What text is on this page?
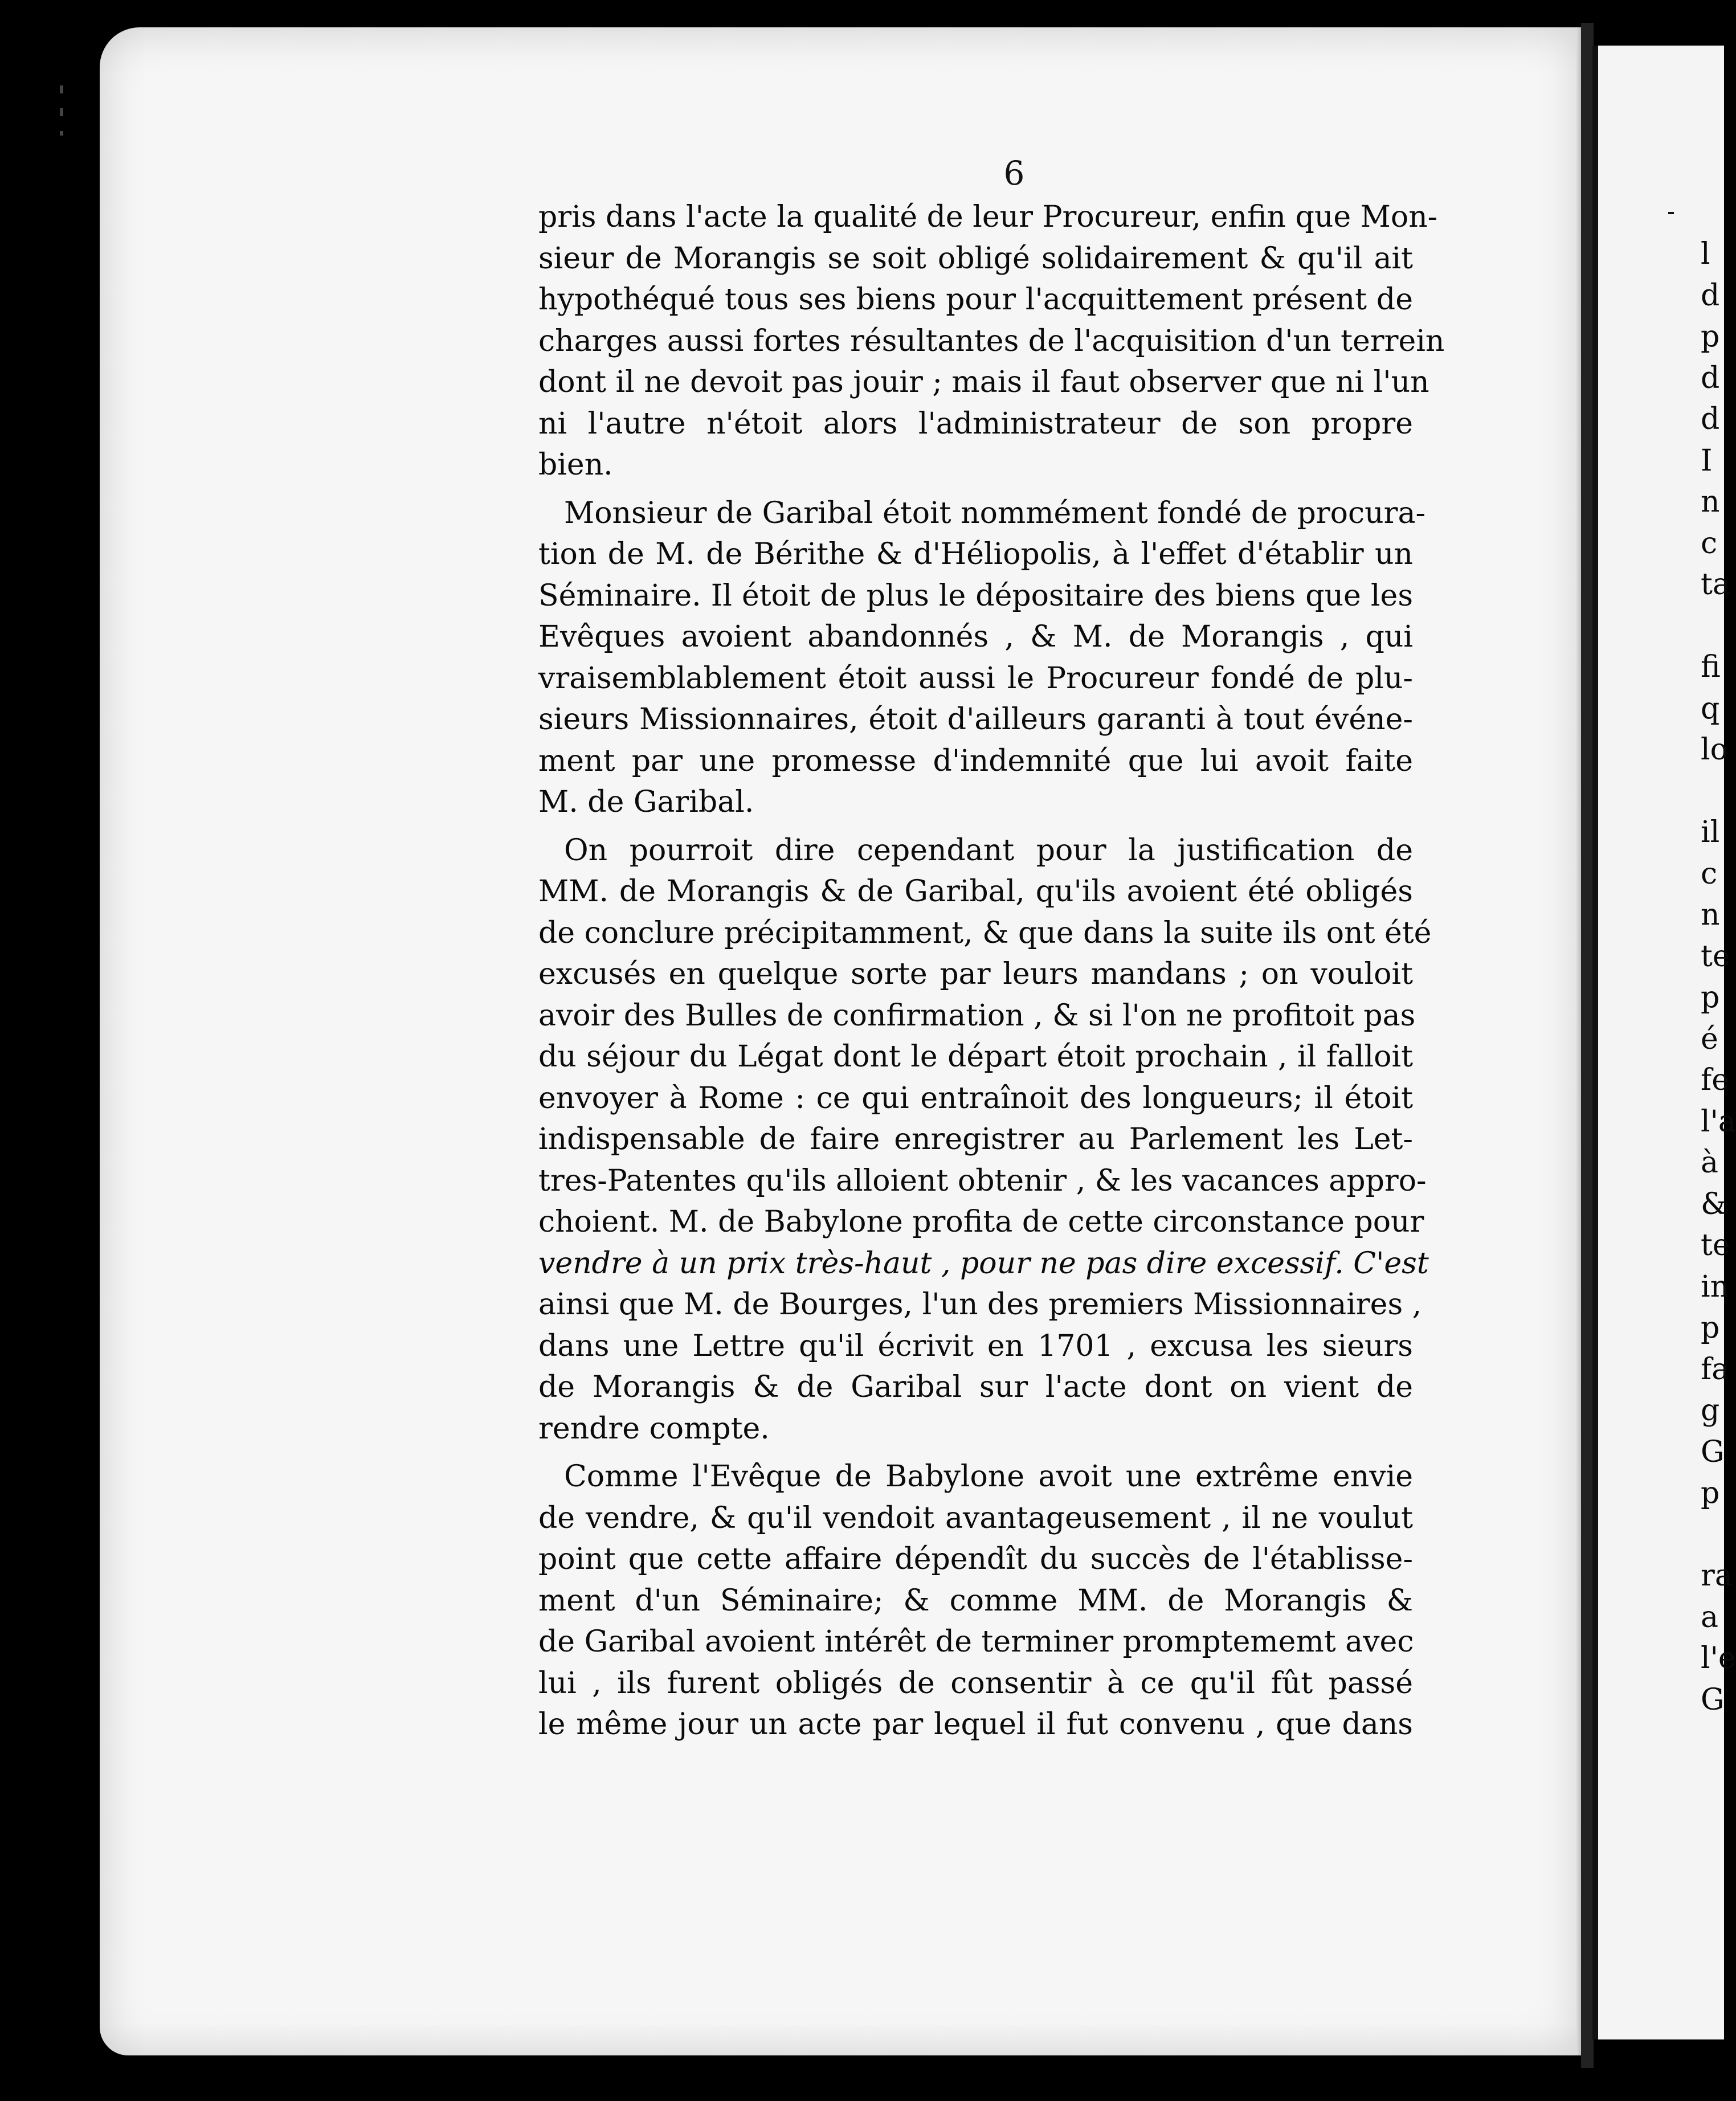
6

pris dans l'acte la qualité de leur Procureur, enfin que Mon-
sieur de Morangis se soit obligé solidairement & qu'il ait
hypothéqué tous ses biens pour l'acquittement présent de
charges aussi fortes résultantes de l'acquisition d'un terrein
dont il ne devoit pas jouir ; mais il faut observer que ni l'un
ni l'autre n'étoit alors l'administrateur de son propre
bien.

Monsieur de Garibal étoit nommément fondé de procura-
tion de M. de Bérithe & d'Héliopolis, à l'effet d'établir un
Séminaire. Il étoit de plus le dépositaire des biens que les
Evêques avoient abandonnés , & M. de Morangis , qui
vraisemblablement étoit aussi le Procureur fondé de plu-
sieurs Missionnaires, étoit d'ailleurs garanti à tout événe-
ment par une promesse d'indemnité que lui avoit faite
M. de Garibal.

On pourroit dire cependant pour la justification de
MM. de Morangis & de Garibal, qu'ils avoient été obligés
de conclure précipitamment, & que dans la suite ils ont été
excusés en quelque sorte par leurs mandans ; on vouloit
avoir des Bulles de confirmation , & si l'on ne profitoit pas
du séjour du Légat dont le départ étoit prochain , il falloit
envoyer à Rome : ce qui entraînoit des longueurs; il étoit
indispensable de faire enregistrer au Parlement les Let-
tres-Patentes qu'ils alloient obtenir , & les vacances appro-
choient. M. de Babylone profita de cette circonstance pour
vendre à un prix très-haut , pour ne pas dire excessif. C'est
ainsi que M. de Bourges, l'un des premiers Missionnaires ,
dans une Lettre qu'il écrivit en 1701 , excusa les sieurs
de Morangis & de Garibal sur l'acte dont on vient de
rendre compte.

Comme l'Evêque de Babylone avoit une extrême envie
de vendre, & qu'il vendoit avantageusement , il ne voulut
point que cette affaire dépendît du succès de l'établisse-
ment d'un Séminaire; & comme MM. de Morangis &
de Garibal avoient intérêt de terminer promptememt avec
lui , ils furent obligés de consentir à ce qu'il fût passé
le même jour un acte par lequel il fut convenu , que dans

l
d
p
d
d
I
n
c
ta
fi
q
lo
il
c
n
te
p
é
fe
l'a
à
&
te
in
p
fa
g
G
p
ra
a
l'e
G
